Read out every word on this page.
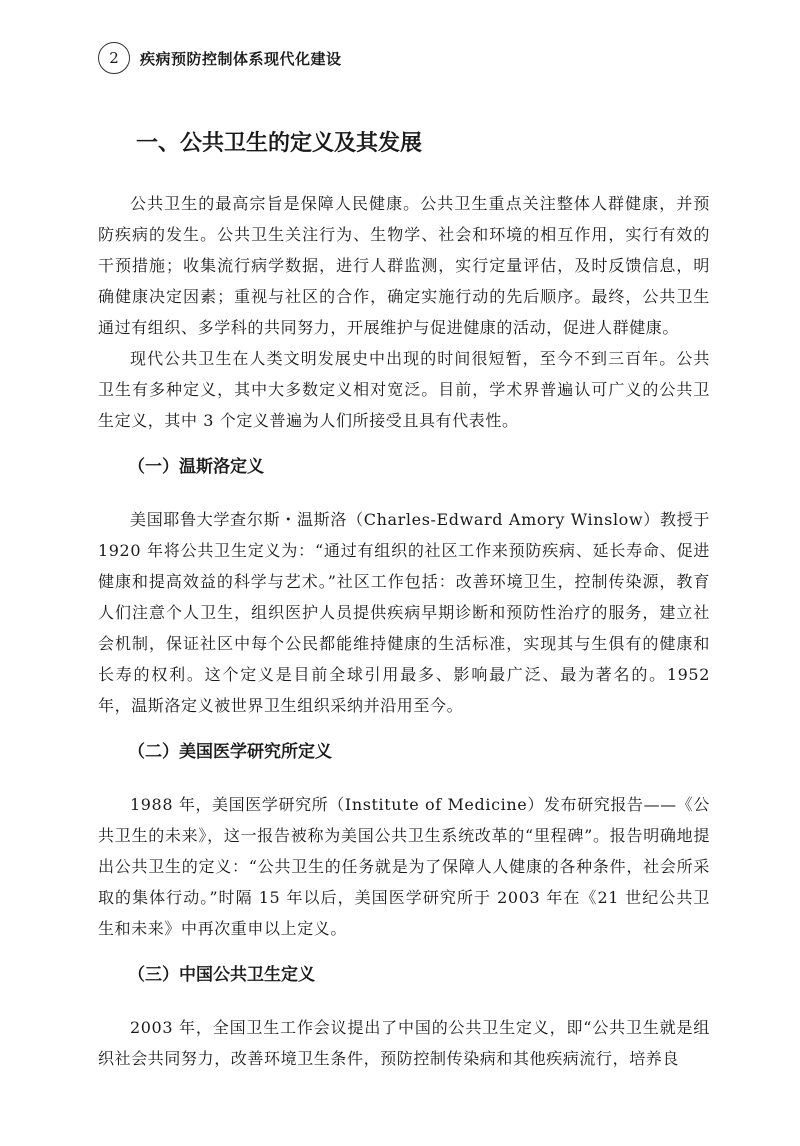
2	疾病预防控制体系现代化建设
一、公共卫生的定义及其发展

公共卫生的最高宗旨是保障人民健康。公共卫生重点关注整体人群健康，并预防疾病的发生。公共卫生关注行为、生物学、社会和环境的相互作用，实行有效的干预措施；收集流行病学数据，进行人群监测，实行定量评估，及时反馈信息，明确健康决定因素；重视与社区的合作，确定实施行动的先后顺序。最终，公共卫生通过有组织、多学科的共同努力，开展维护与促进健康的活动，促进人群健康。

现代公共卫生在人类文明发展史中出现的时间很短暂，至今不到三百年。公共卫生有多种定义，其中大多数定义相对宽泛。目前，学术界普遍认可广义的公共卫生定义，其中 3 个定义普遍为人们所接受且具有代表性。

（一）温斯洛定义

美国耶鲁大学查尔斯・温斯洛（Charles-Edward Amory Winslow）教授于 1920 年将公共卫生定义为：“通过有组织的社区工作来预防疾病、延长寿命、促进健康和提高效益的科学与艺术。”社区工作包括：改善环境卫生，控制传染源，教育人们注意个人卫生，组织医护人员提供疾病早期诊断和预防性治疗的服务，建立社会机制，保证社区中每个公民都能维持健康的生活标准，实现其与生俱有的健康和长寿的权利。这个定义是目前全球引用最多、影响最广泛、最为著名的。1952 年，温斯洛定义被世界卫生组织采纳并沿用至今。

（二）美国医学研究所定义

1988 年，美国医学研究所（Institute of Medicine）发布研究报告——《公共卫生的未来》，这一报告被称为美国公共卫生系统改革的“里程碑”。报告明确地提出公共卫生的定义：“公共卫生的任务就是为了保障人人健康的各种条件，社会所采取的集体行动。”时隔 15 年以后，美国医学研究所于 2003 年在《21 世纪公共卫生和未来》中再次重申以上定义。

（三）中国公共卫生定义

2003 年，全国卫生工作会议提出了中国的公共卫生定义，即“公共卫生就是组织社会共同努力，改善环境卫生条件，预防控制传染病和其他疾病流行，培养良
